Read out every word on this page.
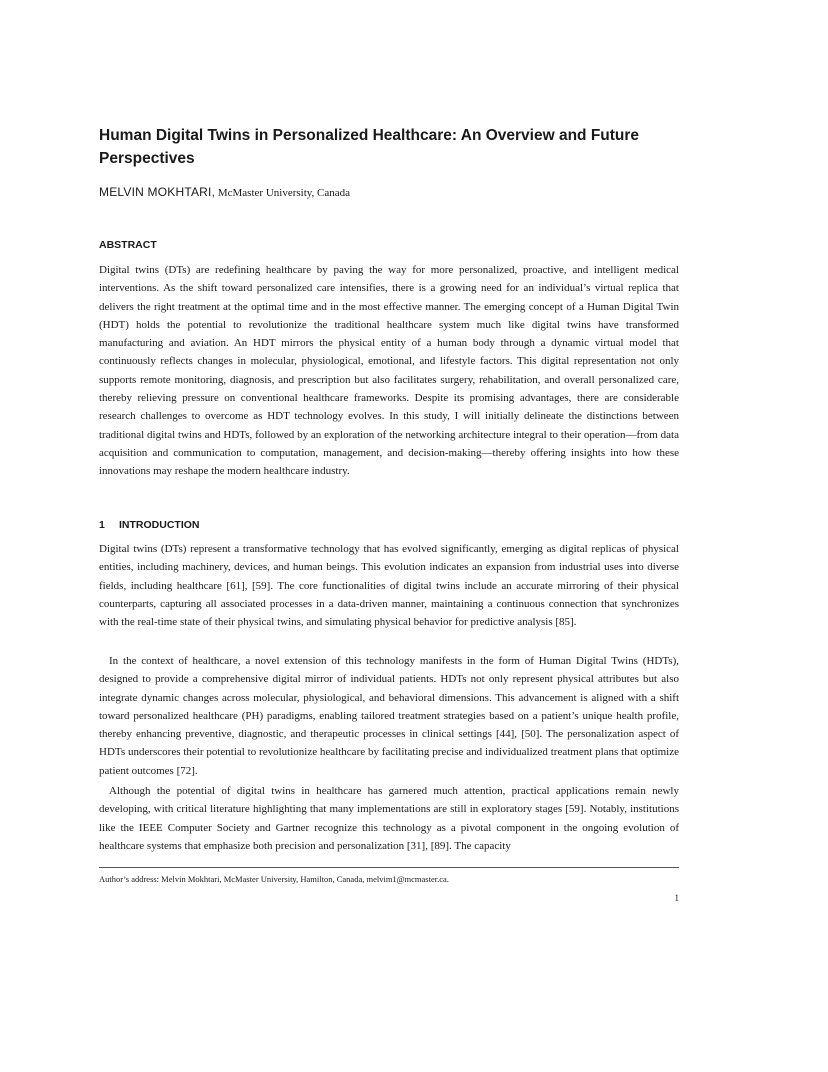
Human Digital Twins in Personalized Healthcare: An Overview and Future Perspectives
MELVIN MOKHTARI, McMaster University, Canada
ABSTRACT

Digital twins (DTs) are redefining healthcare by paving the way for more personalized, proactive, and intelligent medical interventions. As the shift toward personalized care intensifies, there is a growing need for an individual’s virtual replica that delivers the right treatment at the optimal time and in the most effective manner. The emerging concept of a Human Digital Twin (HDT) holds the potential to revolutionize the traditional healthcare system much like digital twins have transformed manufacturing and aviation. An HDT mirrors the physical entity of a human body through a dynamic virtual model that continuously reflects changes in molecular, physiological, emotional, and lifestyle factors. This digital representation not only supports remote monitoring, diagnosis, and prescription but also facilitates surgery, rehabilitation, and overall personalized care, thereby relieving pressure on conventional healthcare frameworks. Despite its promising advantages, there are considerable research challenges to overcome as HDT technology evolves. In this study, I will initially delineate the distinctions between traditional digital twins and HDTs, followed by an exploration of the networking architecture integral to their operation—from data acquisition and communication to computation, management, and decision-making—thereby offering insights into how these innovations may reshape the modern healthcare industry.

1 INTRODUCTION

Digital twins (DTs) represent a transformative technology that has evolved significantly, emerging as digital replicas of physical entities, including machinery, devices, and human beings. This evolution indicates an expansion from industrial uses into diverse fields, including healthcare [61], [59]. The core functionalities of digital twins include an accurate mirroring of their physical counterparts, capturing all associated processes in a data-driven manner, maintaining a continuous connection that synchronizes with the real-time state of their physical twins, and simulating physical behavior for predictive analysis [85].

In the context of healthcare, a novel extension of this technology manifests in the form of Human Digital Twins (HDTs), designed to provide a comprehensive digital mirror of individual patients. HDTs not only represent physical attributes but also integrate dynamic changes across molecular, physiological, and behavioral dimensions. This advancement is aligned with a shift toward personalized healthcare (PH) paradigms, enabling tailored treatment strategies based on a patient’s unique health profile, thereby enhancing preventive, diagnostic, and therapeutic processes in clinical settings [44], [50]. The personalization aspect of HDTs underscores their potential to revolutionize healthcare by facilitating precise and individualized treatment plans that optimize patient outcomes [72].

Although the potential of digital twins in healthcare has garnered much attention, practical applications remain newly developing, with critical literature highlighting that many implementations are still in exploratory stages [59]. Notably, institutions like the IEEE Computer Society and Gartner recognize this technology as a pivotal component in the ongoing evolution of healthcare systems that emphasize both precision and personalization [31], [89]. The capacity

Author’s address: Melvin Mokhtari, McMaster University, Hamilton, Canada, melvim1@mcmaster.ca.
1
